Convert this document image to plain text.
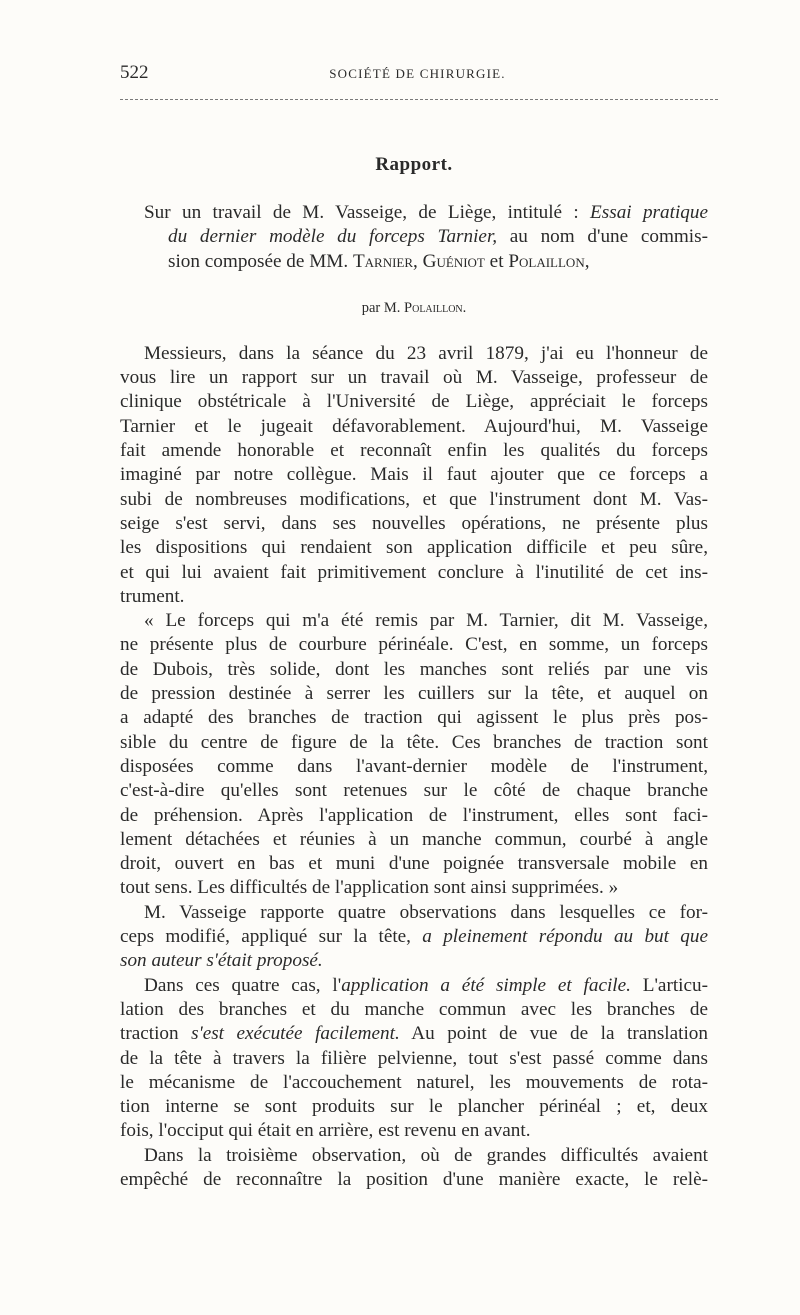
522	SOCIÉTÉ DE CHIRURGIE.
Rapport.
Sur un travail de M. Vasseige, de Liège, intitulé : Essai pratique
du dernier modèle du forceps Tarnier, au nom d'une commis-
sion composée de MM. Tarnier, Guéniot et Polaillon,
par M. Polaillon.
Messieurs, dans la séance du 23 avril 1879, j'ai eu l'honneur de
vous lire un rapport sur un travail où M. Vasseige, professeur de
clinique obstétricale à l'Université de Liège, appréciait le forceps
Tarnier et le jugeait défavorablement. Aujourd'hui, M. Vasseige
fait amende honorable et reconnaît enfin les qualités du forceps
imaginé par notre collègue. Mais il faut ajouter que ce forceps a
subi de nombreuses modifications, et que l'instrument dont M. Vas-
seige s'est servi, dans ses nouvelles opérations, ne présente plus
les dispositions qui rendaient son application difficile et peu sûre,
et qui lui avaient fait primitivement conclure à l'inutilité de cet ins-
trument.
« Le forceps qui m'a été remis par M. Tarnier, dit M. Vasseige,
ne présente plus de courbure périnéale. C'est, en somme, un forceps
de Dubois, très solide, dont les manches sont reliés par une vis
de pression destinée à serrer les cuillers sur la tête, et auquel on
a adapté des branches de traction qui agissent le plus près pos-
sible du centre de figure de la tête. Ces branches de traction sont
disposées comme dans l'avant-dernier modèle de l'instrument,
c'est-à-dire qu'elles sont retenues sur le côté de chaque branche
de préhension. Après l'application de l'instrument, elles sont faci-
lement détachées et réunies à un manche commun, courbé à angle
droit, ouvert en bas et muni d'une poignée transversale mobile en
tout sens. Les difficultés de l'application sont ainsi supprimées. »
M. Vasseige rapporte quatre observations dans lesquelles ce for-
ceps modifié, appliqué sur la tête, a pleinement répondu au but que
son auteur s'était proposé.
Dans ces quatre cas, l'application a été simple et facile. L'articu-
lation des branches et du manche commun avec les branches de
traction s'est exécutée facilement. Au point de vue de la translation
de la tête à travers la filière pelvienne, tout s'est passé comme dans
le mécanisme de l'accouchement naturel, les mouvements de rota-
tion interne se sont produits sur le plancher périnéal ; et, deux
fois, l'occiput qui était en arrière, est revenu en avant.
Dans la troisième observation, où de grandes difficultés avaient
empêché de reconnaître la position d'une manière exacte, le relè-
